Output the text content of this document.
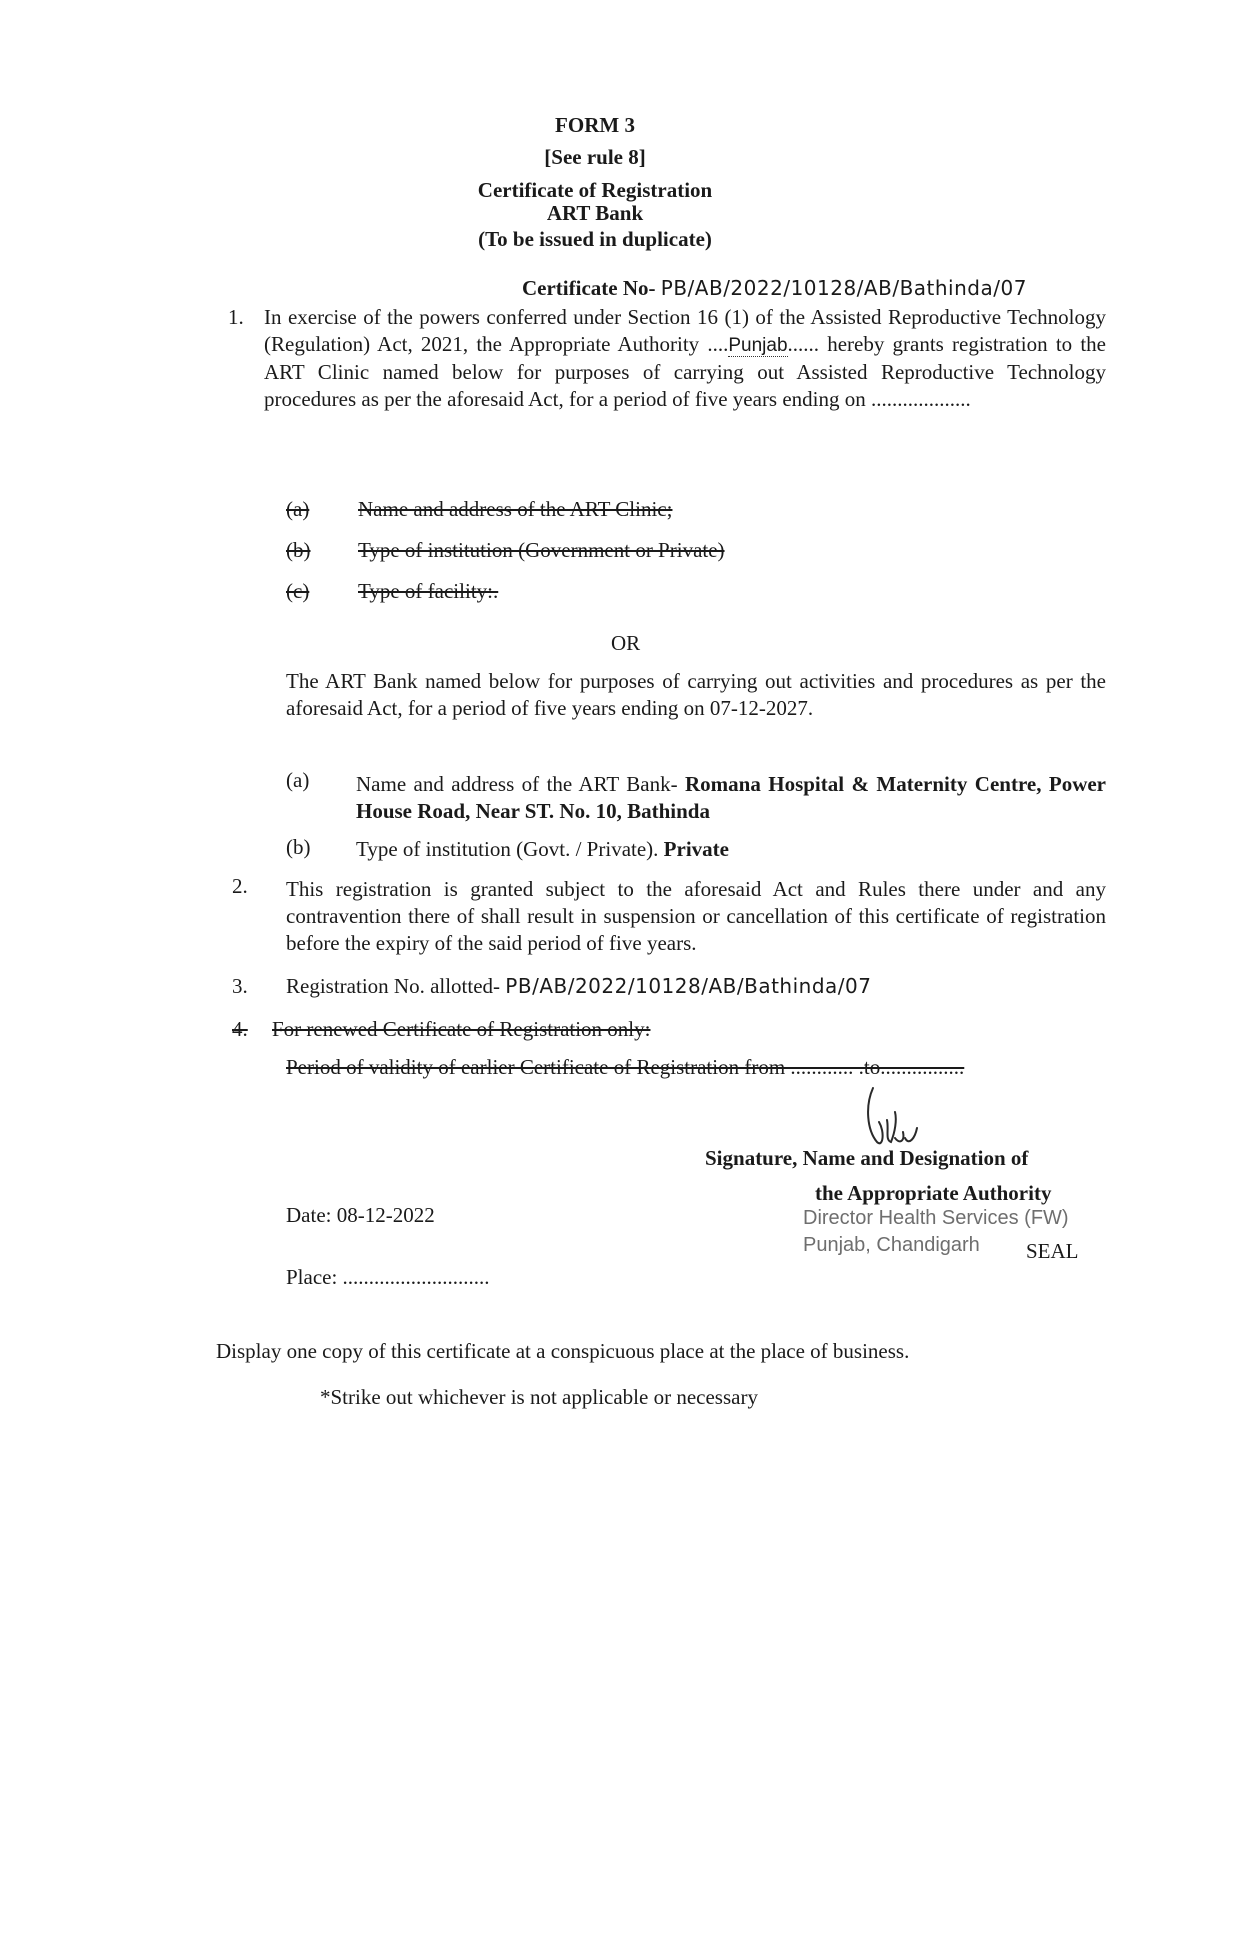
FORM 3
[See rule 8]
Certificate of Registration
ART Bank
(To be issued in duplicate)
Certificate No- PB/AB/2022/10128/AB/Bathinda/07
1. In exercise of the powers conferred under Section 16 (1) of the Assisted Reproductive Technology (Regulation) Act, 2021, the Appropriate Authority ....Punjab...... hereby grants registration to the ART Clinic named below for purposes of carrying out Assisted Reproductive Technology procedures as per the aforesaid Act, for a period of five years ending on ...................
(a) Name and address of the ART Clinic;
(b) Type of institution (Government or Private)
(c) Type of facility:.
OR
The ART Bank named below for purposes of carrying out activities and procedures as per the aforesaid Act, for a period of five years ending on 07-12-2027.
(a) Name and address of the ART Bank- Romana Hospital & Maternity Centre, Power House Road, Near ST. No. 10, Bathinda
(b) Type of institution (Govt. / Private). Private
2. This registration is granted subject to the aforesaid Act and Rules there under and any contravention there of shall result in suspension or cancellation of this certificate of registration before the expiry of the said period of five years.
3. Registration No. allotted- PB/AB/2022/10128/AB/Bathinda/07
4. For renewed Certificate of Registration only:
Period of validity of earlier Certificate of Registration from ............ .to................
Signature, Name and Designation of
the Appropriate Authority
Director Health Services (FW)
Punjab, Chandigarh SEAL
Date: 08-12-2022
Place: ............................
Display one copy of this certificate at a conspicuous place at the place of business.
*Strike out whichever is not applicable or necessary
